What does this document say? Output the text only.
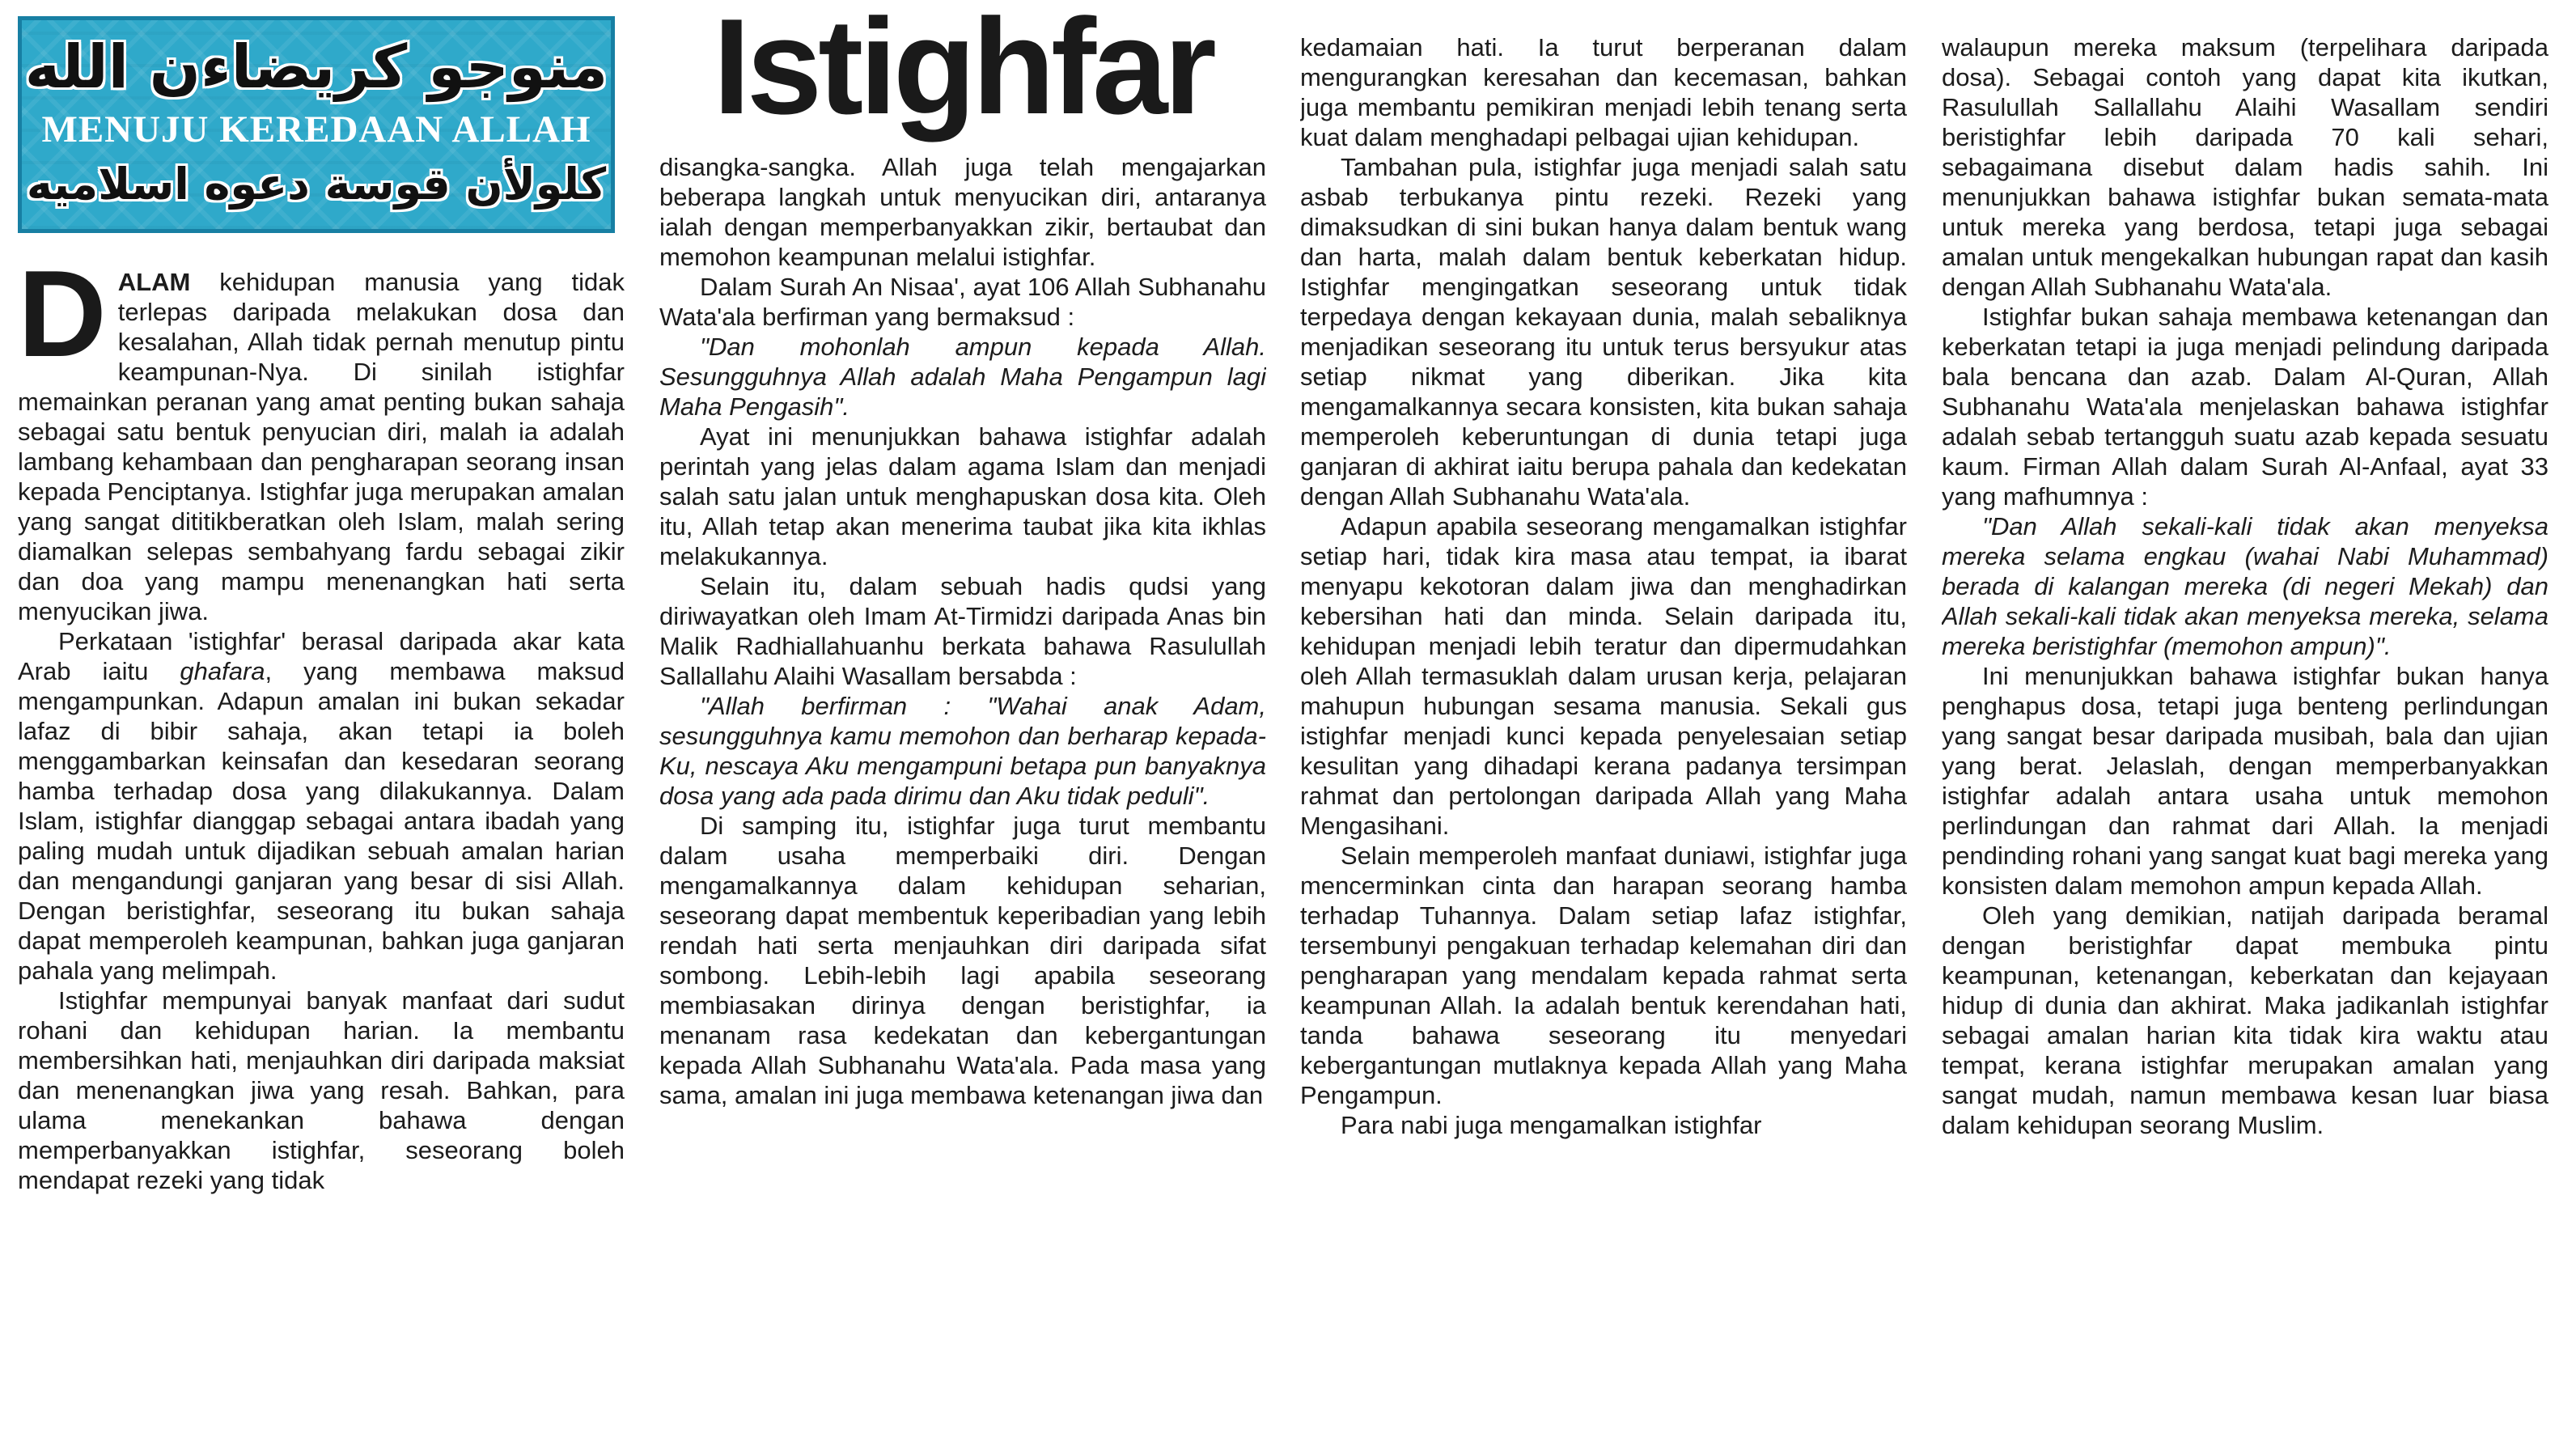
منوجو كريضاءن الله
MENUJU KEREDAAN ALLAH
كلولأن قوسة دعوه اسلاميه

DALAM kehidupan manusia yang tidak terlepas daripada melakukan dosa dan kesalahan, Allah tidak pernah menutup pintu keampunan-Nya. Di sinilah istighfar memainkan peranan yang amat penting bukan sahaja sebagai satu bentuk penyucian diri, malah ia adalah lambang kehambaan dan pengharapan seorang insan kepada Penciptanya. Istighfar juga merupakan amalan yang sangat dititikberatkan oleh Islam, malah sering diamalkan selepas sembahyang fardu sebagai zikir dan doa yang mampu menenangkan hati serta menyucikan jiwa.

Perkataan 'istighfar' berasal daripada akar kata Arab iaitu ghafara, yang membawa maksud mengampunkan. Adapun amalan ini bukan sekadar lafaz di bibir sahaja, akan tetapi ia boleh menggambarkan keinsafan dan kesedaran seorang hamba terhadap dosa yang dilakukannya. Dalam Islam, istighfar dianggap sebagai antara ibadah yang paling mudah untuk dijadikan sebuah amalan harian dan mengandungi ganjaran yang besar di sisi Allah. Dengan beristighfar, seseorang itu bukan sahaja dapat memperoleh keampunan, bahkan juga ganjaran pahala yang melimpah.

Istighfar mempunyai banyak manfaat dari sudut rohani dan kehidupan harian. Ia membantu membersihkan hati, menjauhkan diri daripada maksiat dan menenangkan jiwa yang resah. Bahkan, para ulama menekankan bahawa dengan memperbanyakkan istighfar, seseorang boleh mendapat rezeki yang tidak

Istighfar

disangka-sangka. Allah juga telah mengajarkan beberapa langkah untuk menyucikan diri, antaranya ialah dengan memperbanyakkan zikir, bertaubat dan memohon keampunan melalui istighfar.

Dalam Surah An Nisaa', ayat 106 Allah Subhanahu Wata'ala berfirman yang bermaksud :

"Dan mohonlah ampun kepada Allah. Sesungguhnya Allah adalah Maha Pengampun lagi Maha Pengasih".

Ayat ini menunjukkan bahawa istighfar adalah perintah yang jelas dalam agama Islam dan menjadi salah satu jalan untuk menghapuskan dosa kita. Oleh itu, Allah tetap akan menerima taubat jika kita ikhlas melakukannya.

Selain itu, dalam sebuah hadis qudsi yang diriwayatkan oleh Imam At-Tirmidzi daripada Anas bin Malik Radhiallahuanhu berkata bahawa Rasulullah Sallallahu Alaihi Wasallam bersabda :

"Allah berfirman : "Wahai anak Adam, sesungguhnya kamu memohon dan berharap kepada-Ku, nescaya Aku mengampuni betapa pun banyaknya dosa yang ada pada dirimu dan Aku tidak peduli".

Di samping itu, istighfar juga turut membantu dalam usaha memperbaiki diri. Dengan mengamalkannya dalam kehidupan seharian, seseorang dapat membentuk keperibadian yang lebih rendah hati serta menjauhkan diri daripada sifat sombong. Lebih-lebih lagi apabila seseorang membiasakan dirinya dengan beristighfar, ia menanam rasa kedekatan dan kebergantungan kepada Allah Subhanahu Wata'ala. Pada masa yang sama, amalan ini juga membawa ketenangan jiwa dan

kedamaian hati. Ia turut berperanan dalam mengurangkan keresahan dan kecemasan, bahkan juga membantu pemikiran menjadi lebih tenang serta kuat dalam menghadapi pelbagai ujian kehidupan.

Tambahan pula, istighfar juga menjadi salah satu asbab terbukanya pintu rezeki. Rezeki yang dimaksudkan di sini bukan hanya dalam bentuk wang dan harta, malah dalam bentuk keberkatan hidup. Istighfar mengingatkan seseorang untuk tidak terpedaya dengan kekayaan dunia, malah sebaliknya menjadikan seseorang itu untuk terus bersyukur atas setiap nikmat yang diberikan. Jika kita mengamalkannya secara konsisten, kita bukan sahaja memperoleh keberuntungan di dunia tetapi juga ganjaran di akhirat iaitu berupa pahala dan kedekatan dengan Allah Subhanahu Wata'ala.

Adapun apabila seseorang mengamalkan istighfar setiap hari, tidak kira masa atau tempat, ia ibarat menyapu kekotoran dalam jiwa dan menghadirkan kebersihan hati dan minda. Selain daripada itu, kehidupan menjadi lebih teratur dan dipermudahkan oleh Allah termasuklah dalam urusan kerja, pelajaran mahupun hubungan sesama manusia. Sekali gus istighfar menjadi kunci kepada penyelesaian setiap kesulitan yang dihadapi kerana padanya tersimpan rahmat dan pertolongan daripada Allah yang Maha Mengasihani.

Selain memperoleh manfaat duniawi, istighfar juga mencerminkan cinta dan harapan seorang hamba terhadap Tuhannya. Dalam setiap lafaz istighfar, tersembunyi pengakuan terhadap kelemahan diri dan pengharapan yang mendalam kepada rahmat serta keampunan Allah. Ia adalah bentuk kerendahan hati, tanda bahawa seseorang itu menyedari kebergantungan mutlaknya kepada Allah yang Maha Pengampun.

Para nabi juga mengamalkan istighfar

walaupun mereka maksum (terpelihara daripada dosa). Sebagai contoh yang dapat kita ikutkan, Rasulullah Sallallahu Alaihi Wasallam sendiri beristighfar lebih daripada 70 kali sehari, sebagaimana disebut dalam hadis sahih. Ini menunjukkan bahawa istighfar bukan semata-mata untuk mereka yang berdosa, tetapi juga sebagai amalan untuk mengekalkan hubungan rapat dan kasih dengan Allah Subhanahu Wata'ala.

Istighfar bukan sahaja membawa ketenangan dan keberkatan tetapi ia juga menjadi pelindung daripada bala bencana dan azab. Dalam Al-Quran, Allah Subhanahu Wata'ala menjelaskan bahawa istighfar adalah sebab tertangguh suatu azab kepada sesuatu kaum. Firman Allah dalam Surah Al-Anfaal, ayat 33 yang mafhumnya :

"Dan Allah sekali-kali tidak akan menyeksa mereka selama engkau (wahai Nabi Muhammad) berada di kalangan mereka (di negeri Mekah) dan Allah sekali-kali tidak akan menyeksa mereka, selama mereka beristighfar (memohon ampun)".

Ini menunjukkan bahawa istighfar bukan hanya penghapus dosa, tetapi juga benteng perlindungan yang sangat besar daripada musibah, bala dan ujian yang berat. Jelaslah, dengan memperbanyakkan istighfar adalah antara usaha untuk memohon perlindungan dan rahmat dari Allah. Ia menjadi pendinding rohani yang sangat kuat bagi mereka yang konsisten dalam memohon ampun kepada Allah.

Oleh yang demikian, natijah daripada beramal dengan beristighfar dapat membuka pintu keampunan, ketenangan, keberkatan dan kejayaan hidup di dunia dan akhirat. Maka jadikanlah istighfar sebagai amalan harian kita tidak kira waktu atau tempat, kerana istighfar merupakan amalan yang sangat mudah, namun membawa kesan luar biasa dalam kehidupan seorang Muslim.
